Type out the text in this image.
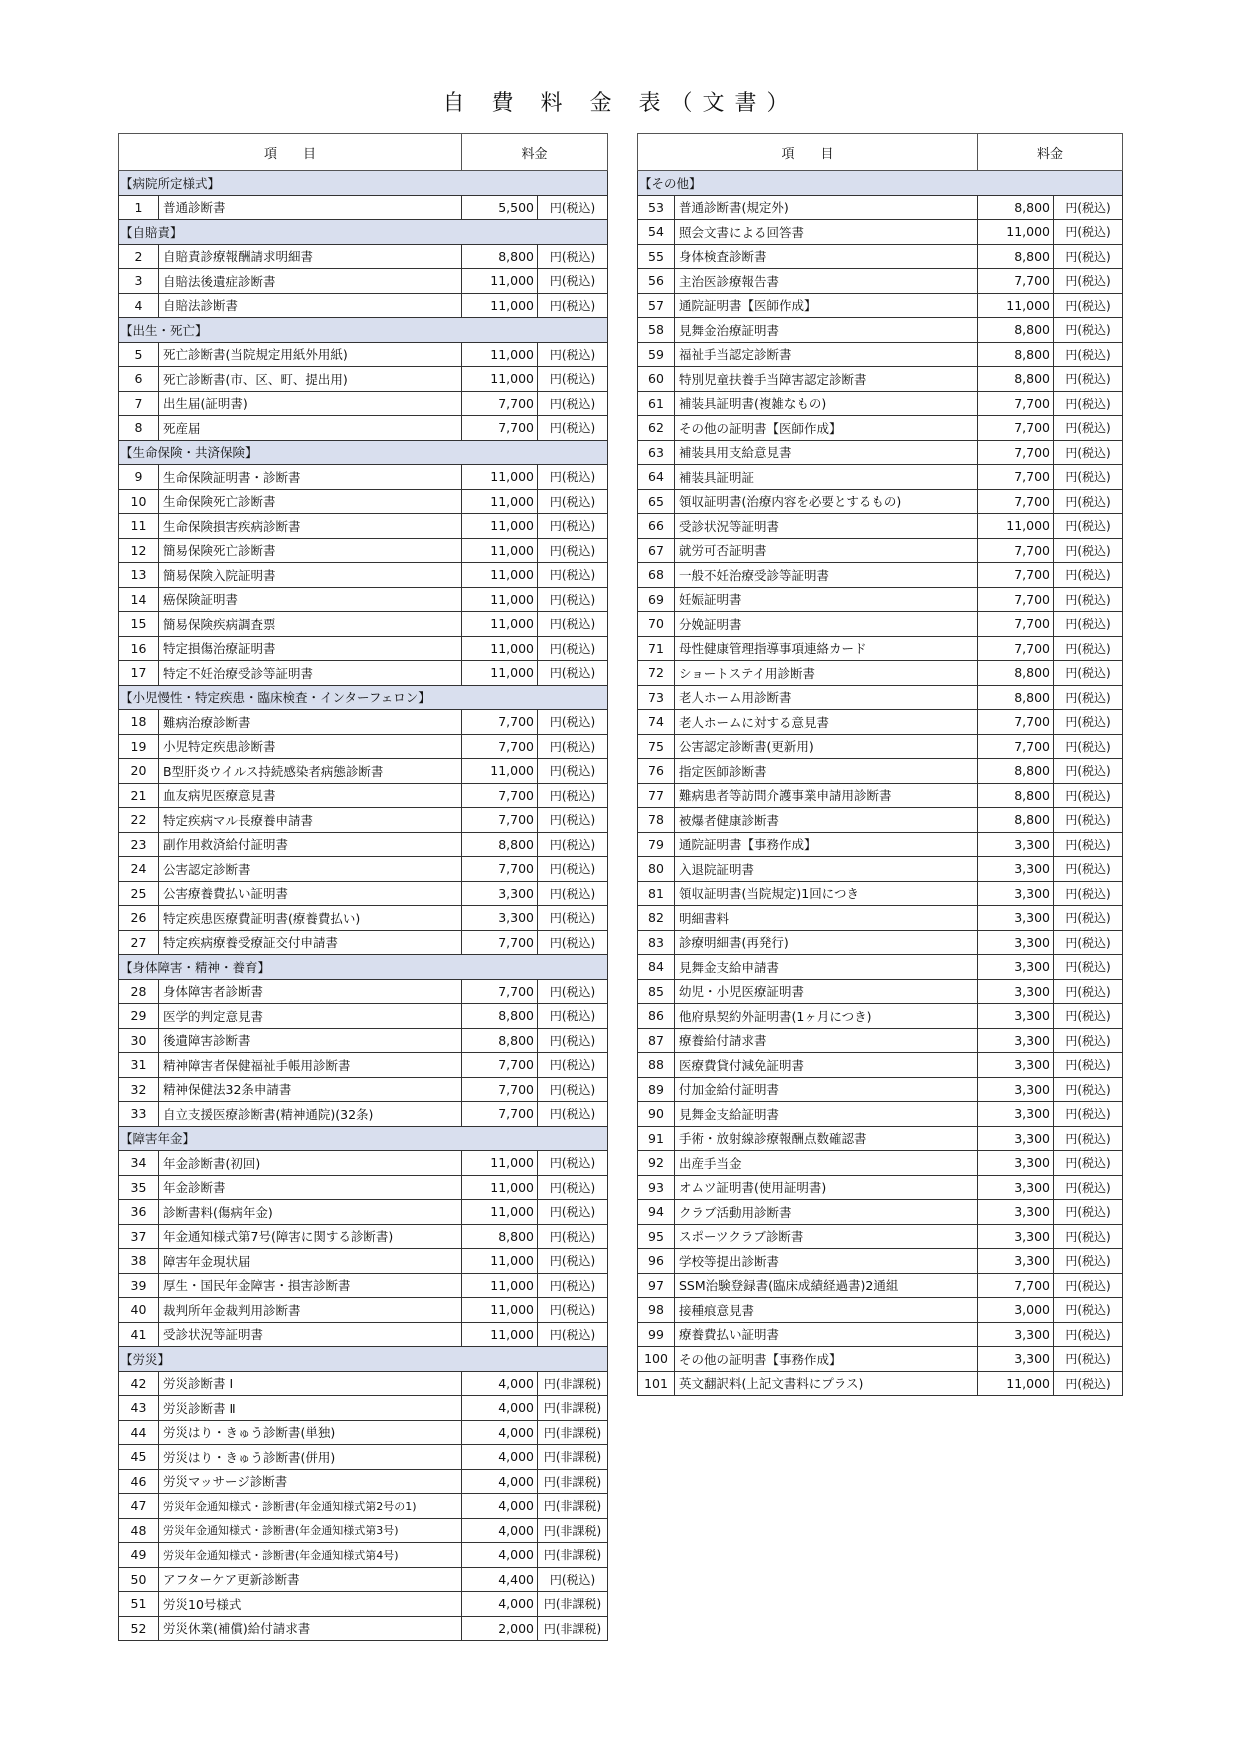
自 費 料 金 表（文書）
項　　目		料金	
【病院所定様式】			
1	普通診断書	5,500	円(税込)
【自賠責】			
2	自賠責診療報酬請求明細書	8,800	円(税込)
3	自賠法後遺症診断書	11,000	円(税込)
4	自賠法診断書	11,000	円(税込)
【出生・死亡】			
5	死亡診断書(当院規定用紙外用紙)	11,000	円(税込)
6	死亡診断書(市、区、町、提出用)	11,000	円(税込)
7	出生届(証明書)	7,700	円(税込)
8	死産届	7,700	円(税込)
【生命保険・共済保険】			
9	生命保険証明書・診断書	11,000	円(税込)
10	生命保険死亡診断書	11,000	円(税込)
11	生命保険損害疾病診断書	11,000	円(税込)
12	簡易保険死亡診断書	11,000	円(税込)
13	簡易保険入院証明書	11,000	円(税込)
14	癌保険証明書	11,000	円(税込)
15	簡易保険疾病調査票	11,000	円(税込)
16	特定損傷治療証明書	11,000	円(税込)
17	特定不妊治療受診等証明書	11,000	円(税込)
【小児慢性・特定疾患・臨床検査・インターフェロン】			
18	難病治療診断書	7,700	円(税込)
19	小児特定疾患診断書	7,700	円(税込)
20	B型肝炎ウイルス持続感染者病態診断書	11,000	円(税込)
21	血友病児医療意見書	7,700	円(税込)
22	特定疾病マル長療養申請書	7,700	円(税込)
23	副作用救済給付証明書	8,800	円(税込)
24	公害認定診断書	7,700	円(税込)
25	公害療養費払い証明書	3,300	円(税込)
26	特定疾患医療費証明書(療養費払い)	3,300	円(税込)
27	特定疾病療養受療証交付申請書	7,700	円(税込)
【身体障害・精神・養育】			
28	身体障害者診断書	7,700	円(税込)
29	医学的判定意見書	8,800	円(税込)
30	後遺障害診断書	8,800	円(税込)
31	精神障害者保健福祉手帳用診断書	7,700	円(税込)
32	精神保健法32条申請書	7,700	円(税込)
33	自立支援医療診断書(精神通院)(32条)	7,700	円(税込)
【障害年金】			
34	年金診断書(初回)	11,000	円(税込)
35	年金診断書	11,000	円(税込)
36	診断書料(傷病年金)	11,000	円(税込)
37	年金通知様式第7号(障害に関する診断書)	8,800	円(税込)
38	障害年金現状届	11,000	円(税込)
39	厚生・国民年金障害・損害診断書	11,000	円(税込)
40	裁判所年金裁判用診断書	11,000	円(税込)
41	受診状況等証明書	11,000	円(税込)
【労災】			
42	労災診断書 Ⅰ	4,000	円(非課税)
43	労災診断書 Ⅱ	4,000	円(非課税)
44	労災はり・きゅう診断書(単独)	4,000	円(非課税)
45	労災はり・きゅう診断書(併用)	4,000	円(非課税)
46	労災マッサージ診断書	4,000	円(非課税)
47	労災年金通知様式・診断書(年金通知様式第2号の1)	4,000	円(非課税)
48	労災年金通知様式・診断書(年金通知様式第3号)	4,000	円(非課税)
49	労災年金通知様式・診断書(年金通知様式第4号)	4,000	円(非課税)
50	アフターケア更新診断書	4,400	円(税込)
51	労災10号様式	4,000	円(非課税)
52	労災休業(補償)給付請求書	2,000	円(非課税)
項　　目		料金	
【その他】			
53	普通診断書(規定外)	8,800	円(税込)
54	照会文書による回答書	11,000	円(税込)
55	身体検査診断書	8,800	円(税込)
56	主治医診療報告書	7,700	円(税込)
57	通院証明書【医師作成】	11,000	円(税込)
58	見舞金治療証明書	8,800	円(税込)
59	福祉手当認定診断書	8,800	円(税込)
60	特別児童扶養手当障害認定診断書	8,800	円(税込)
61	補装具証明書(複雑なもの)	7,700	円(税込)
62	その他の証明書【医師作成】	7,700	円(税込)
63	補装具用支給意見書	7,700	円(税込)
64	補装具証明証	7,700	円(税込)
65	領収証明書(治療内容を必要とするもの)	7,700	円(税込)
66	受診状況等証明書	11,000	円(税込)
67	就労可否証明書	7,700	円(税込)
68	一般不妊治療受診等証明書	7,700	円(税込)
69	妊娠証明書	7,700	円(税込)
70	分娩証明書	7,700	円(税込)
71	母性健康管理指導事項連絡カード	7,700	円(税込)
72	ショートステイ用診断書	8,800	円(税込)
73	老人ホーム用診断書	8,800	円(税込)
74	老人ホームに対する意見書	7,700	円(税込)
75	公害認定診断書(更新用)	7,700	円(税込)
76	指定医師診断書	8,800	円(税込)
77	難病患者等訪問介護事業申請用診断書	8,800	円(税込)
78	被爆者健康診断書	8,800	円(税込)
79	通院証明書【事務作成】	3,300	円(税込)
80	入退院証明書	3,300	円(税込)
81	領収証明書(当院規定)1回につき	3,300	円(税込)
82	明細書料	3,300	円(税込)
83	診療明細書(再発行)	3,300	円(税込)
84	見舞金支給申請書	3,300	円(税込)
85	幼児・小児医療証明書	3,300	円(税込)
86	他府県契約外証明書(1ヶ月につき)	3,300	円(税込)
87	療養給付請求書	3,300	円(税込)
88	医療費貸付減免証明書	3,300	円(税込)
89	付加金給付証明書	3,300	円(税込)
90	見舞金支給証明書	3,300	円(税込)
91	手術・放射線診療報酬点数確認書	3,300	円(税込)
92	出産手当金	3,300	円(税込)
93	オムツ証明書(使用証明書)	3,300	円(税込)
94	クラブ活動用診断書	3,300	円(税込)
95	スポーツクラブ診断書	3,300	円(税込)
96	学校等提出診断書	3,300	円(税込)
97	SSM治験登録書(臨床成績経過書)2通組	7,700	円(税込)
98	接種痕意見書	3,000	円(税込)
99	療養費払い証明書	3,300	円(税込)
100	その他の証明書【事務作成】	3,300	円(税込)
101	英文翻訳料(上記文書料にプラス)	11,000	円(税込)
